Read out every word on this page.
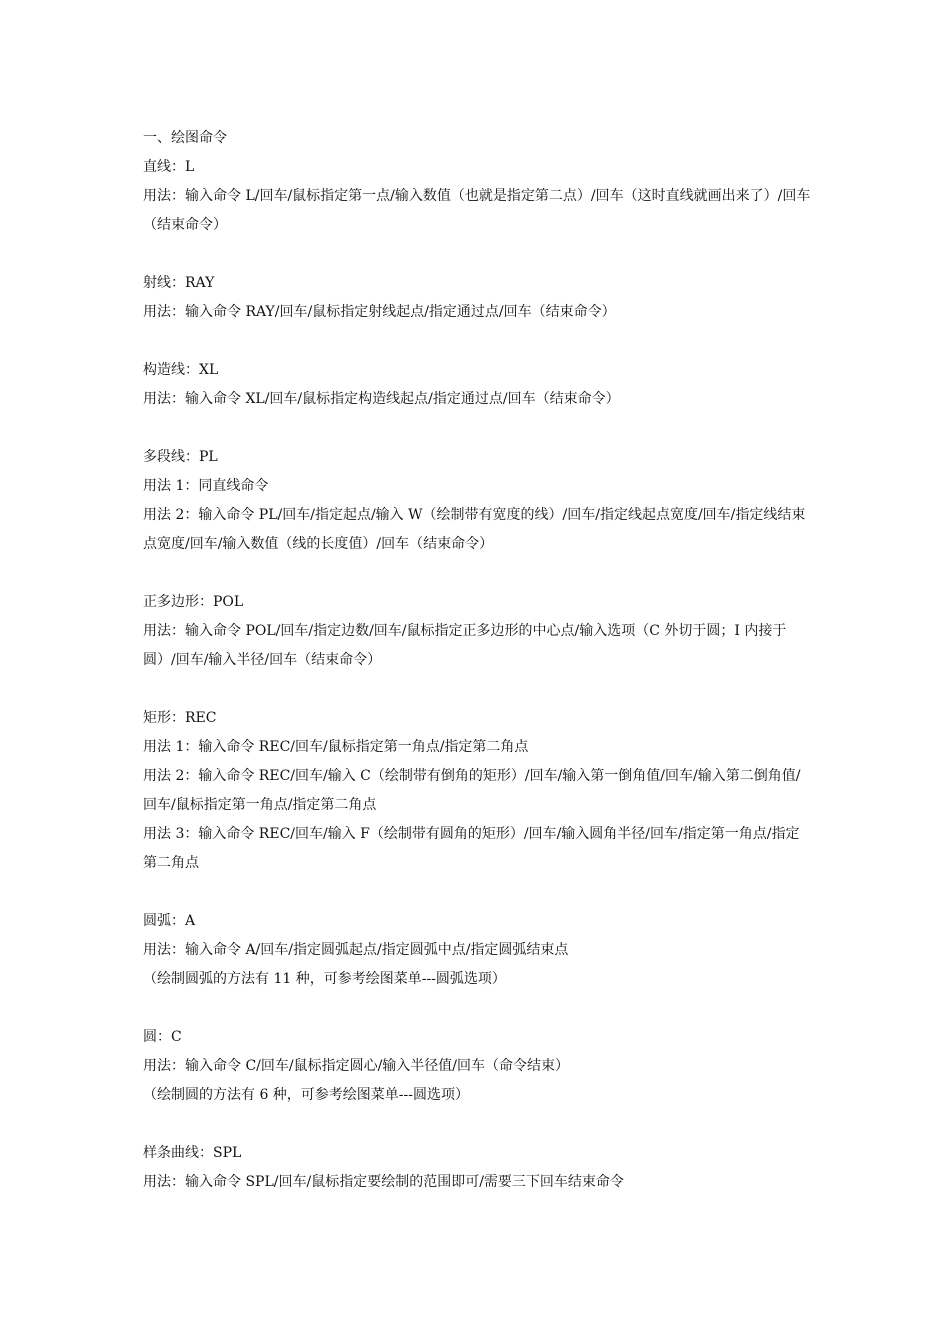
一、绘图命令

直线：L

用法：输入命令 L/回车/鼠标指定第一点/输入数值（也就是指定第二点）/回车（这时直线就画出来了）/回车（结束命令）

射线：RAY

用法：输入命令 RAY/回车/鼠标指定射线起点/指定通过点/回车（结束命令）

构造线：XL

用法：输入命令 XL/回车/鼠标指定构造线起点/指定通过点/回车（结束命令）

多段线：PL

用法 1：同直线命令

用法 2：输入命令 PL/回车/指定起点/输入 W（绘制带有宽度的线）/回车/指定线起点宽度/回车/指定线结束点宽度/回车/输入数值（线的长度值）/回车（结束命令）

正多边形：POL

用法：输入命令 POL/回车/指定边数/回车/鼠标指定正多边形的中心点/输入选项（C 外切于圆；I 内接于圆）/回车/输入半径/回车（结束命令）

矩形：REC

用法 1：输入命令 REC/回车/鼠标指定第一角点/指定第二角点

用法 2：输入命令 REC/回车/输入 C（绘制带有倒角的矩形）/回车/输入第一倒角值/回车/输入第二倒角值/回车/鼠标指定第一角点/指定第二角点

用法 3：输入命令 REC/回车/输入 F（绘制带有圆角的矩形）/回车/输入圆角半径/回车/指定第一角点/指定第二角点

圆弧：A

用法：输入命令 A/回车/指定圆弧起点/指定圆弧中点/指定圆弧结束点

（绘制圆弧的方法有 11 种，可参考绘图菜单---圆弧选项）

圆：C

用法：输入命令 C/回车/鼠标指定圆心/输入半径值/回车（命令结束）

（绘制圆的方法有 6 种，可参考绘图菜单---圆选项）

样条曲线：SPL

用法：输入命令 SPL/回车/鼠标指定要绘制的范围即可/需要三下回车结束命令
